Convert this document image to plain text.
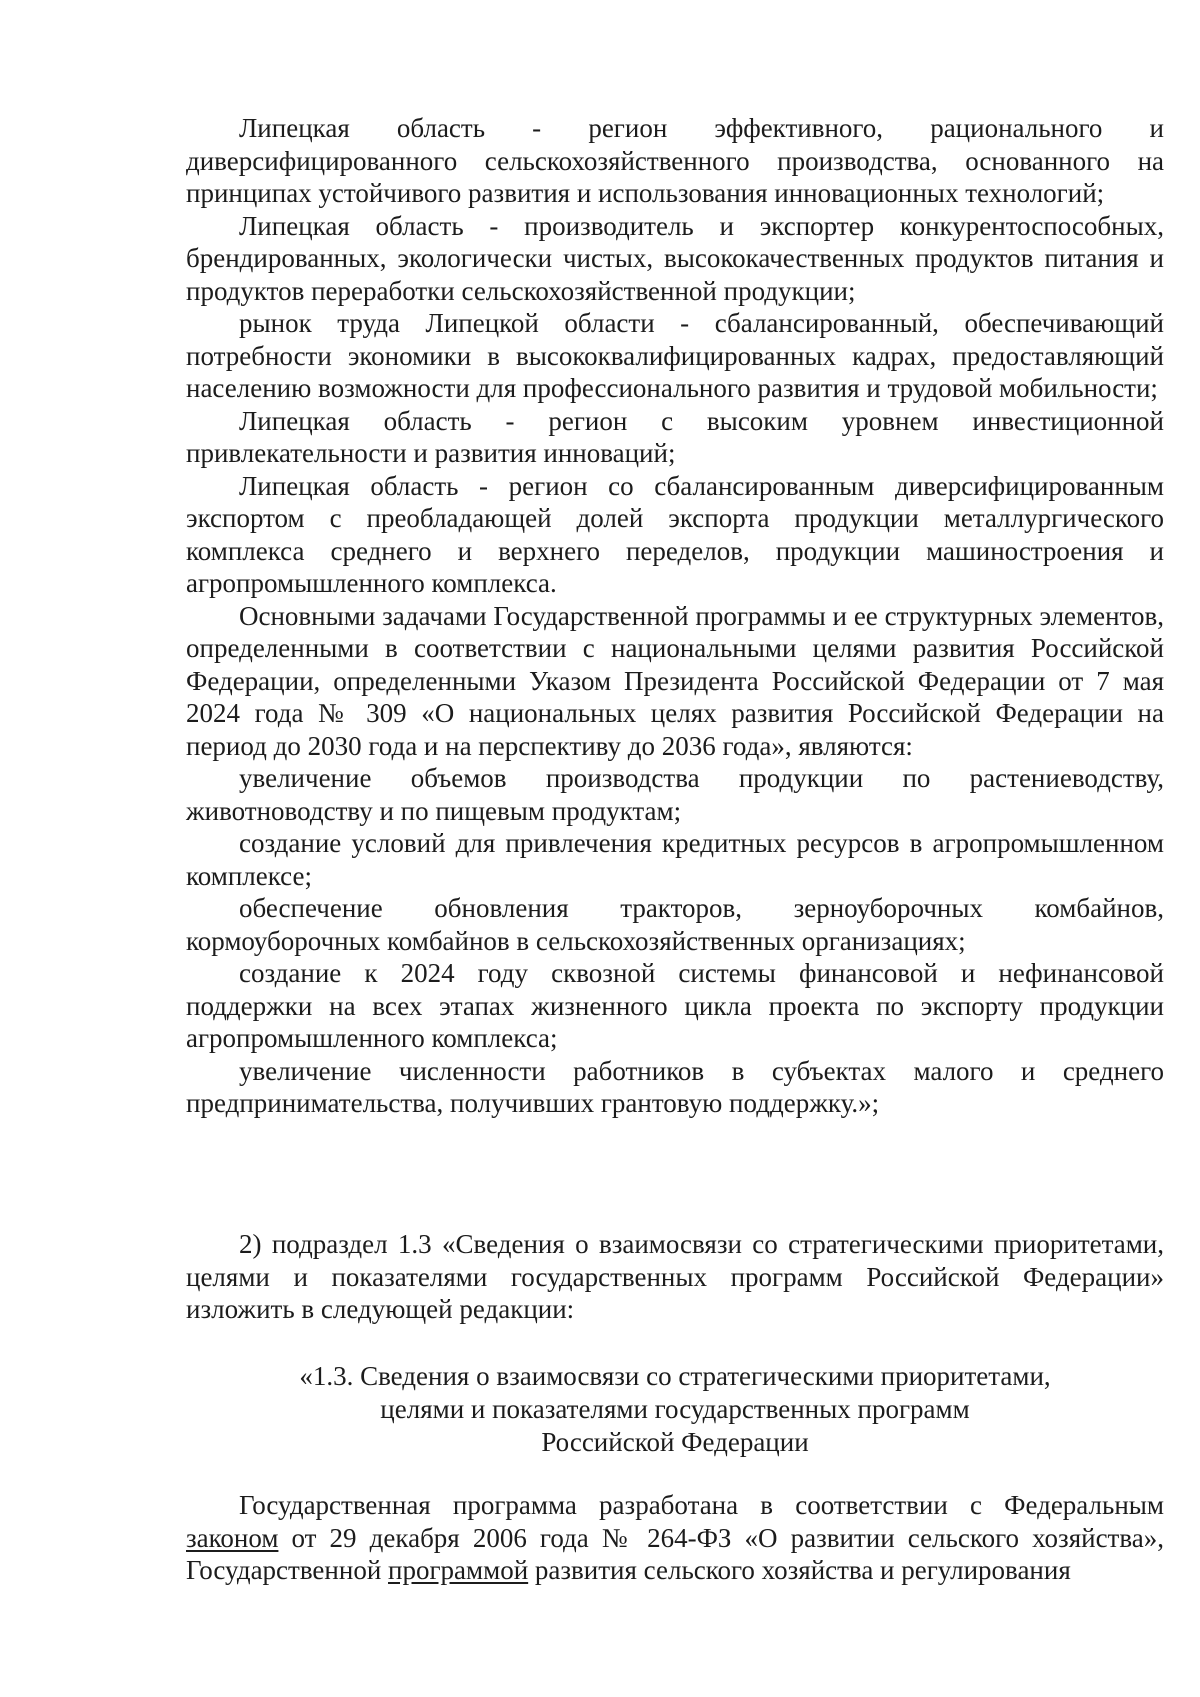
Липецкая область - регион эффективного, рационального и диверсифицированного сельскохозяйственного производства, основанного на принципах устойчивого развития и использования инновационных технологий;

Липецкая область - производитель и экспортер конкурентоспособных, брендированных, экологически чистых, высококачественных продуктов питания и продуктов переработки сельскохозяйственной продукции;

рынок труда Липецкой области - сбалансированный, обеспечивающий потребности экономики в высококвалифицированных кадрах, предоставляющий населению возможности для профессионального развития и трудовой мобильности;

Липецкая область - регион с высоким уровнем инвестиционной привлекательности и развития инноваций;

Липецкая область - регион со сбалансированным диверсифицированным экспортом с преобладающей долей экспорта продукции металлургического комплекса среднего и верхнего переделов, продукции машиностроения и агропромышленного комплекса.

Основными задачами Государственной программы и ее структурных элементов, определенными в соответствии с национальными целями развития Российской Федерации, определенными Указом Президента Российской Федерации от 7 мая 2024 года № 309 «О национальных целях развития Российской Федерации на период до 2030 года и на перспективу до 2036 года», являются:

увеличение объемов производства продукции по растениеводству, животноводству и по пищевым продуктам;

создание условий для привлечения кредитных ресурсов в агропромышленном комплексе;

обеспечение обновления тракторов, зерноуборочных комбайнов, кормоуборочных комбайнов в сельскохозяйственных организациях;

создание к 2024 году сквозной системы финансовой и нефинансовой поддержки на всех этапах жизненного цикла проекта по экспорту продукции агропромышленного комплекса;

увеличение численности работников в субъектах малого и среднего предпринимательства, получивших грантовую поддержку.»;

2) подраздел 1.3 «Сведения о взаимосвязи со стратегическими приоритетами, целями и показателями государственных программ Российской Федерации» изложить в следующей редакции:

«1.3. Сведения о взаимосвязи со стратегическими приоритетами,
целями и показателями государственных программ
Российской Федерации

Государственная программа разработана в соответствии с Федеральным законом от 29 декабря 2006 года № 264-ФЗ «О развитии сельского хозяйства», Государственной программой развития сельского хозяйства и регулирования
